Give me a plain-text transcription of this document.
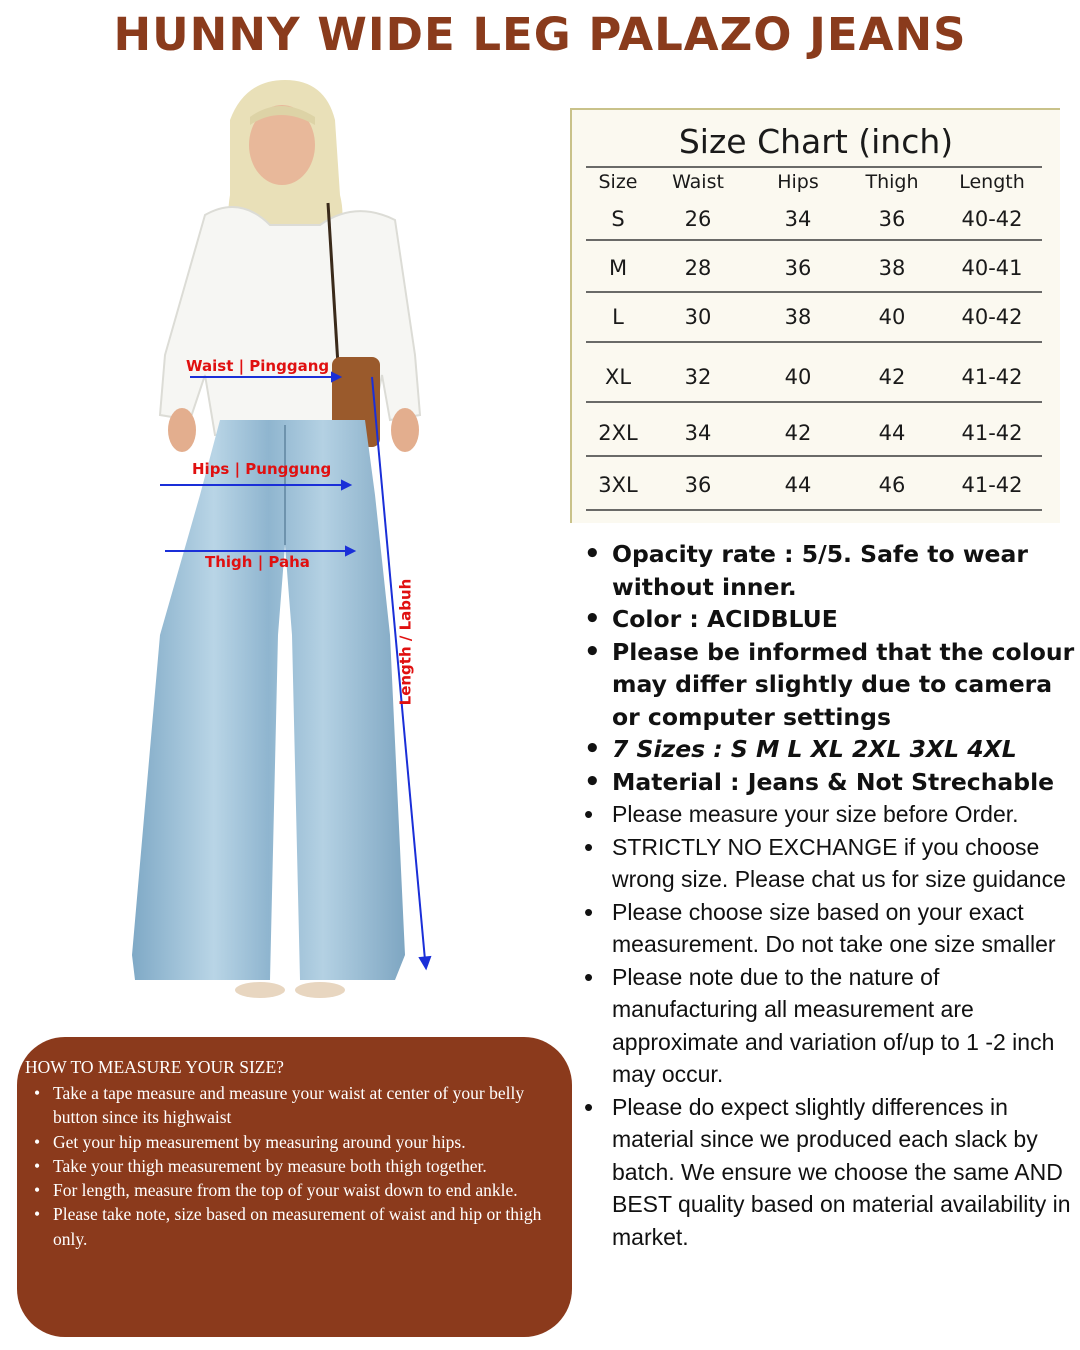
HUNNY WIDE LEG PALAZO JEANS
Waist | Pinggang
Hips | Punggung
Thigh | Paha
Length / Labuh
Size Chart (inch)
Size Waist	Hips Thigh Length
S	26	34	36	40-42
M	28	36	38	40-41
L	30	38	40	40-42
XL	32	40	42	41-42
2XL 34	42	44	41-42
3XL 36	44	46	41-42
• Opacity rate : 5/5. Safe to wear without inner.
• Color : ACIDBLUE
• Please be informed that the colour may differ slightly due to camera or computer settings
• 7 Sizes : S M L XL 2XL 3XL 4XL
• Material : Jeans & Not Strechable
• Please measure your size before Order.
• STRICTLY NO EXCHANGE if you choose wrong size. Please chat us for size guidance
• Please choose size based on your exact measurement. Do not take one size smaller
• Please note due to the nature of manufacturing all measurement are approximate and variation of/up to 1 -2 inch may occur.
• Please do expect slightly differences in material since we produced each slack by batch. We ensure we choose the same AND BEST quality based on material availability in market.
HOW TO MEASURE YOUR SIZE?
• Take a tape measure and measure your waist at center of your belly button since its highwaist
• Get your hip measurement by measuring around your hips.
• Take your thigh measurement by measure both thigh together.
• For length, measure from the top of your waist down to end ankle.
• Please take note, size based on measurement of waist and hip or thigh only.
